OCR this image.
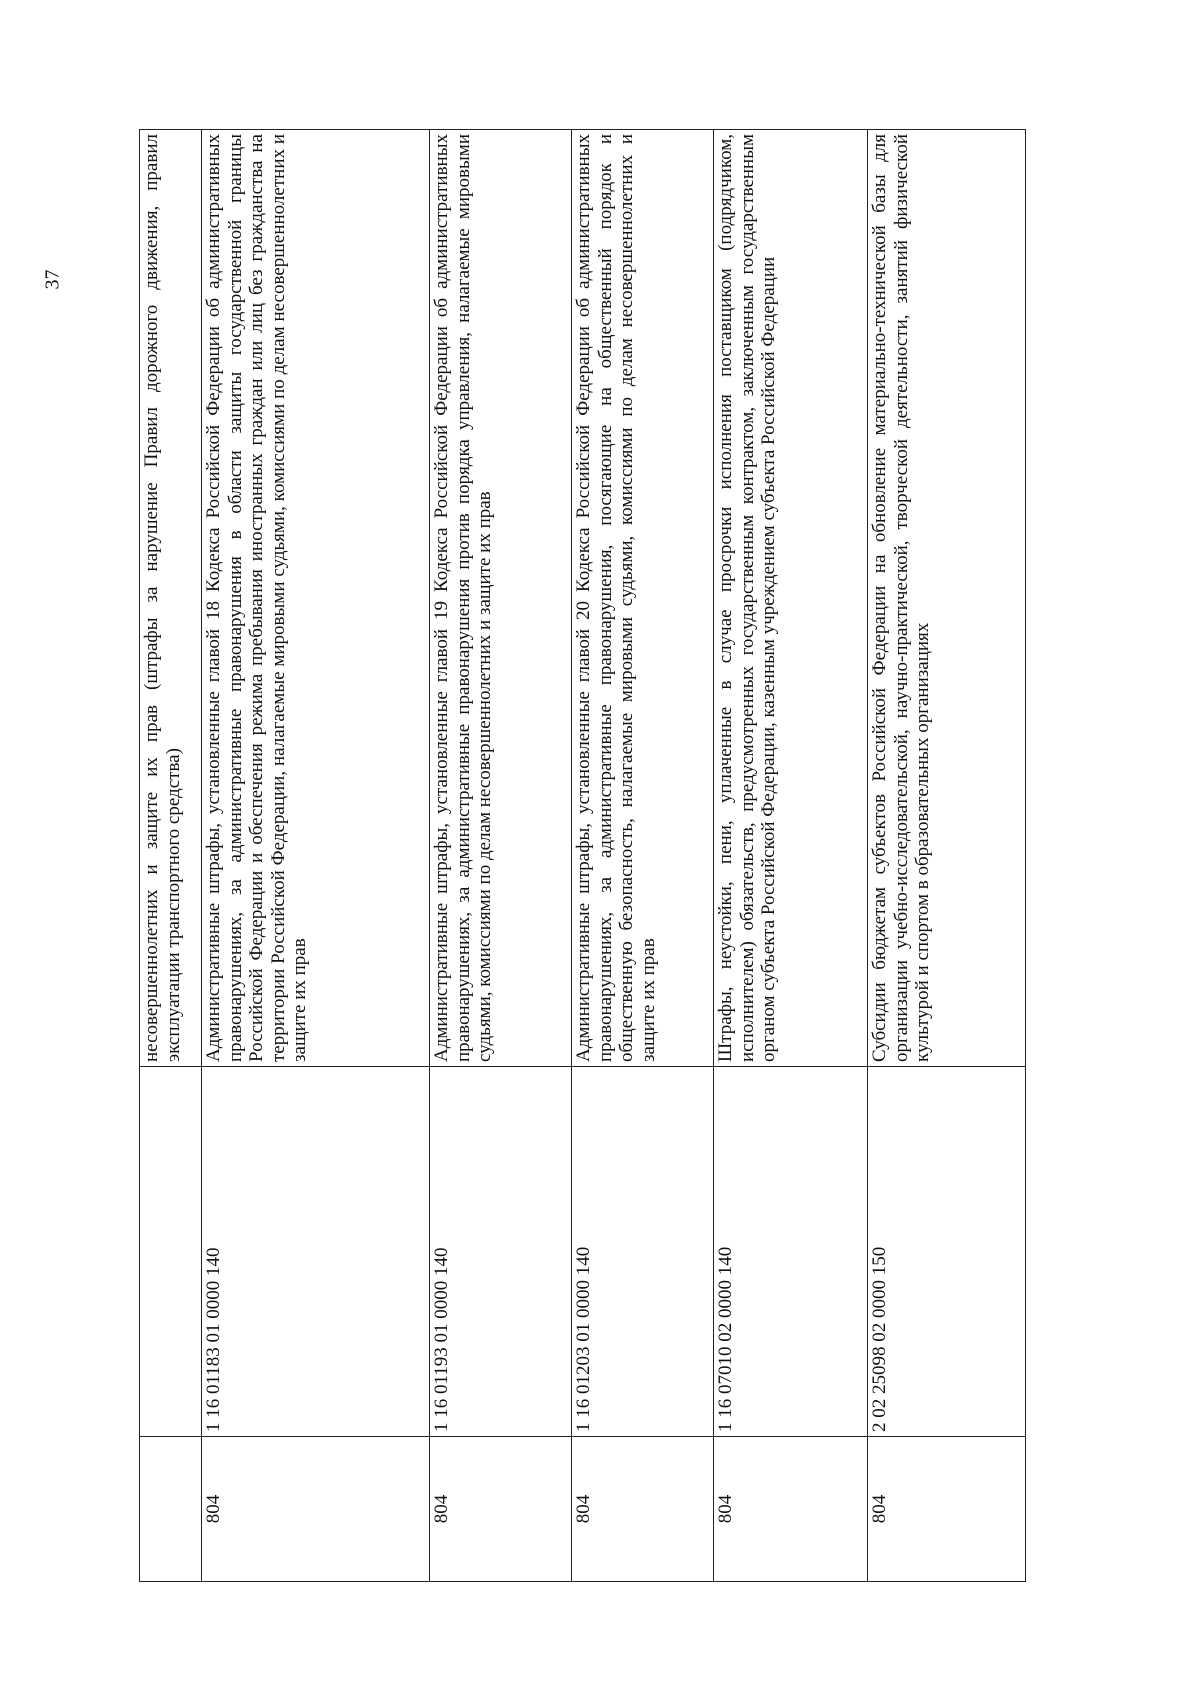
37
			несовершеннолетних и защите их прав (штрафы за нарушение Правил дорожного движения, правил эксплуатации транспортного средства)
804	1 16 01183 01 0000 140	Административные штрафы, установленные главой 18 Кодекса Российской Федерации об административных правонарушениях, за административные правонарушения в области защиты государственной границы Российской Федерации и обеспечения режима пребывания иностранных граждан или лиц без гражданства на территории Российской Федерации, налагаемые мировыми судьями, комиссиями по делам несовершеннолетних и защите их прав
804	1 16 01193 01 0000 140	Административные штрафы, установленные главой 19 Кодекса Российской Федерации об административных правонарушениях, за административные правонарушения против порядка управления, налагаемые мировыми судьями, комиссиями по делам несовершеннолетних и защите их прав
804	1 16 01203 01 0000 140	Административные штрафы, установленные главой 20 Кодекса Российской Федерации об административных правонарушениях, за административные правонарушения, посягающие на общественный порядок и общественную безопасность, налагаемые мировыми судьями, комиссиями по делам несовершеннолетних и защите их прав
804	1 16 07010 02 0000 140	Штрафы, неустойки, пени, уплаченные в случае просрочки исполнения поставщиком (подрядчиком, исполнителем) обязательств, предусмотренных государственным контрактом, заключенным государственным органом субъекта Российской Федерации, казенным учреждением субъекта Российской Федерации
804	2 02 25098 02 0000 150	Субсидии бюджетам субъектов Российской Федерации на обновление материально-технической базы для организации учебно-исследовательской, научно-практической, творческой деятельности, занятий физической культурой и спортом в образовательных организациях
